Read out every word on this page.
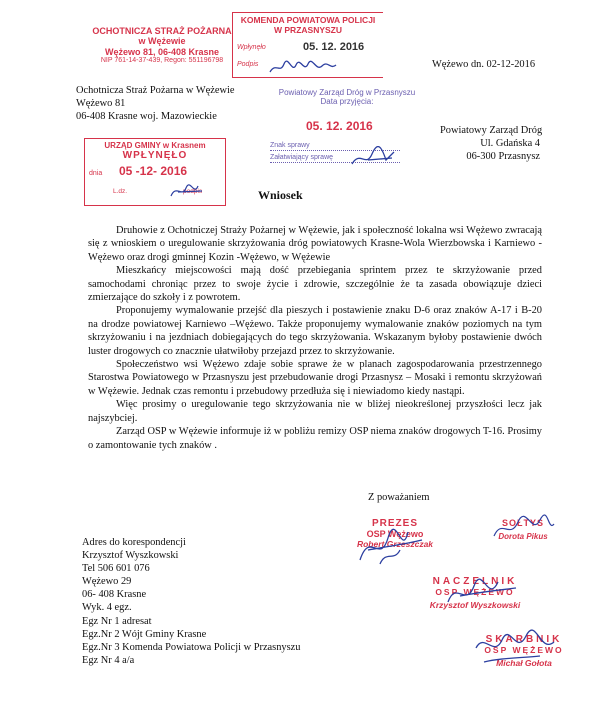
OCHOTNICZA STRAŻ POŻARNA
w Wężewie
Wężewo 81, 06-408 Krasne
NIP 761-14-37-439, Regon: 551196798
KOMENDA POWIATOWA POLICJI
W PRZASNYSZU
Wpłynęło	05. 12. 2016
Podpis	Wężewo dn. 02-12-2016
Ochotnicza Straż Pożarna w Wężewie
Wężewo 81
06-408 Krasne woj. Mazowieckie
Powiatowy Zarząd Dróg w Przasnyszu
Data przyjęcia:
05. 12. 2016
Znak sprawy
Załatwiający sprawę
Powiatowy Zarząd Dróg
Ul. Gdańska 4
06-300 Przasnysz
URZĄD GMINY w Krasnem
WPŁYNĘŁO
dnia 05 -12- 2016
L.dz.	podpis	Wniosek

Druhowie z Ochotniczej Straży Pożarnej w Wężewie, jak i społeczność lokalna wsi Wężewo zwracają się z wnioskiem o uregulowanie skrzyżowania dróg powiatowych Krasne-Wola Wierzbowska i Karniewo - Wężewo oraz drogi gminnej Kozin -Wężewo, w Wężewie

Mieszkańcy miejscowości mają dość przebiegania sprintem przez te skrzyżowanie przed samochodami chroniąc przez to swoje życie i zdrowie, szczególnie że ta zasada obowiązuje dzieci zmierzające do szkoły i z powrotem.

Proponujemy wymalowanie przejść dla pieszych i postawienie znaku D-6 oraz znaków A-17 i B-20 na drodze powiatowej Karniewo –Wężewo. Także proponujemy wymalowanie znaków poziomych na tym skrzyżowaniu i na jezdniach dobiegających do tego skrzyżowania. Wskazanym byłoby postawienie dwóch luster drogowych co znacznie ułatwiłoby przejazd przez to skrzyżowanie.

Społeczeństwo wsi Wężewo zdaje sobie sprawe że w planach zagospodarowania przestrzennego Starostwa Powiatowego w Przasnyszu jest przebudowanie drogi Przasnysz – Mosaki i remontu skrzyżowań w Wężewie. Jednak czas remontu i przebudowy przedłuża się i niewiadomo kiedy nastąpi.

Więc prosimy o uregulowanie tego skrzyżowania nie w bliżej nieokreślonej przyszłości lecz jak najszybciej.

Zarząd OSP w Wężewie informuje iż w pobliżu remizy OSP niema znaków drogowych T-16. Prosimy o zamontowanie tych znaków .

Z poważaniem
Adres do korespondencji
Krzysztof Wyszkowski
Tel 506 601 076
Wężewo 29
06- 408 Krasne
Wyk. 4 egz.
Egz Nr 1 adresat
Egz.Nr 2 Wójt Gminy Krasne
Egz.Nr 3 Komenda Powiatowa Policji w Przasnyszu
Egz Nr 4 a/a
PREZES
OSP Wężewo
Robert Grzeszczak
SOŁTYS
Dorota Pikus
NACZELNIK
OSP WĘŻEWO
Krzysztof Wyszkowski
SKARBNIK
OSP WĘŻEWO
Michał Gołota
